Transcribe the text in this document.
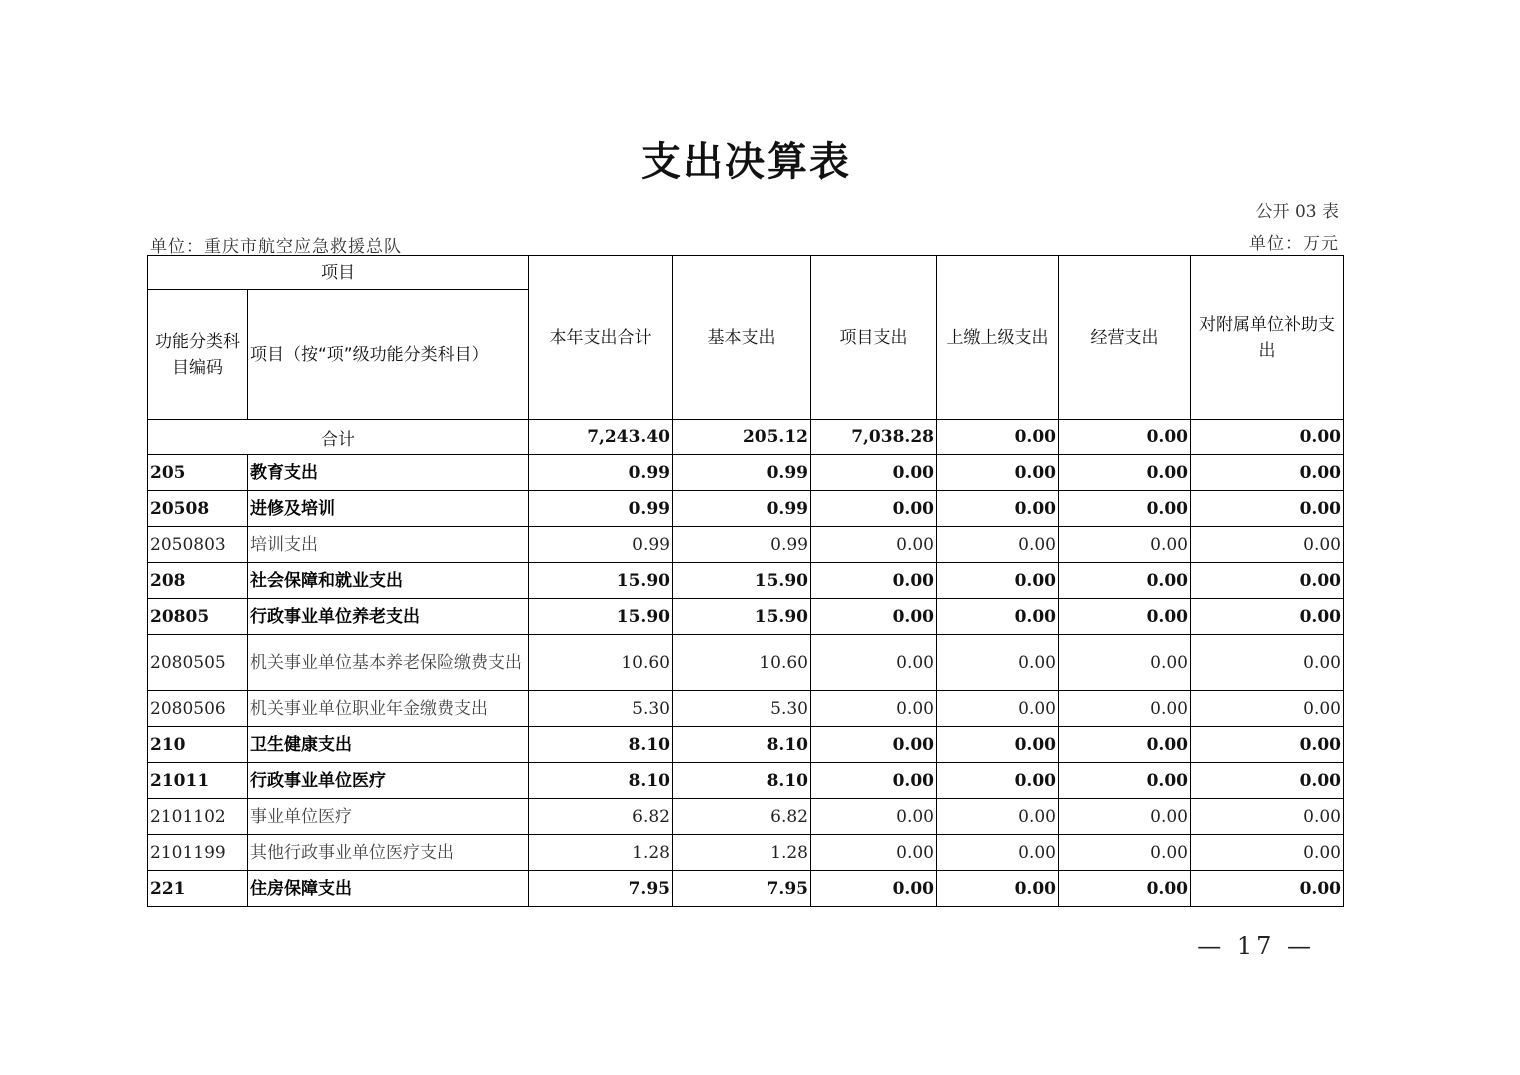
支出决算表
公开 03 表
单位：重庆市航空应急救援总队	单位：万元
项目		本年支出合计	基本支出	项目支出	上缴上级支出	经营支出	对附属单位补助支出
功能分类科目编码	项目（按“项”级功能分类科目）						
合计		7,243.40	205.12	7,038.28	0.00	0.00	0.00
205	教育支出	0.99	0.99	0.00	0.00	0.00	0.00
20508	进修及培训	0.99	0.99	0.00	0.00	0.00	0.00
2050803	培训支出	0.99	0.99	0.00	0.00	0.00	0.00
208	社会保障和就业支出	15.90	15.90	0.00	0.00	0.00	0.00
20805	行政事业单位养老支出	15.90	15.90	0.00	0.00	0.00	0.00
2080505	机关事业单位基本养老保险缴费支出	10.60	10.60	0.00	0.00	0.00	0.00
2080506	机关事业单位职业年金缴费支出	5.30	5.30	0.00	0.00	0.00	0.00
210	卫生健康支出	8.10	8.10	0.00	0.00	0.00	0.00
21011	行政事业单位医疗	8.10	8.10	0.00	0.00	0.00	0.00
2101102	事业单位医疗	6.82	6.82	0.00	0.00	0.00	0.00
2101199	其他行政事业单位医疗支出	1.28	1.28	0.00	0.00	0.00	0.00
221	住房保障支出	7.95	7.95	0.00	0.00	0.00	0.00
— 17 —
